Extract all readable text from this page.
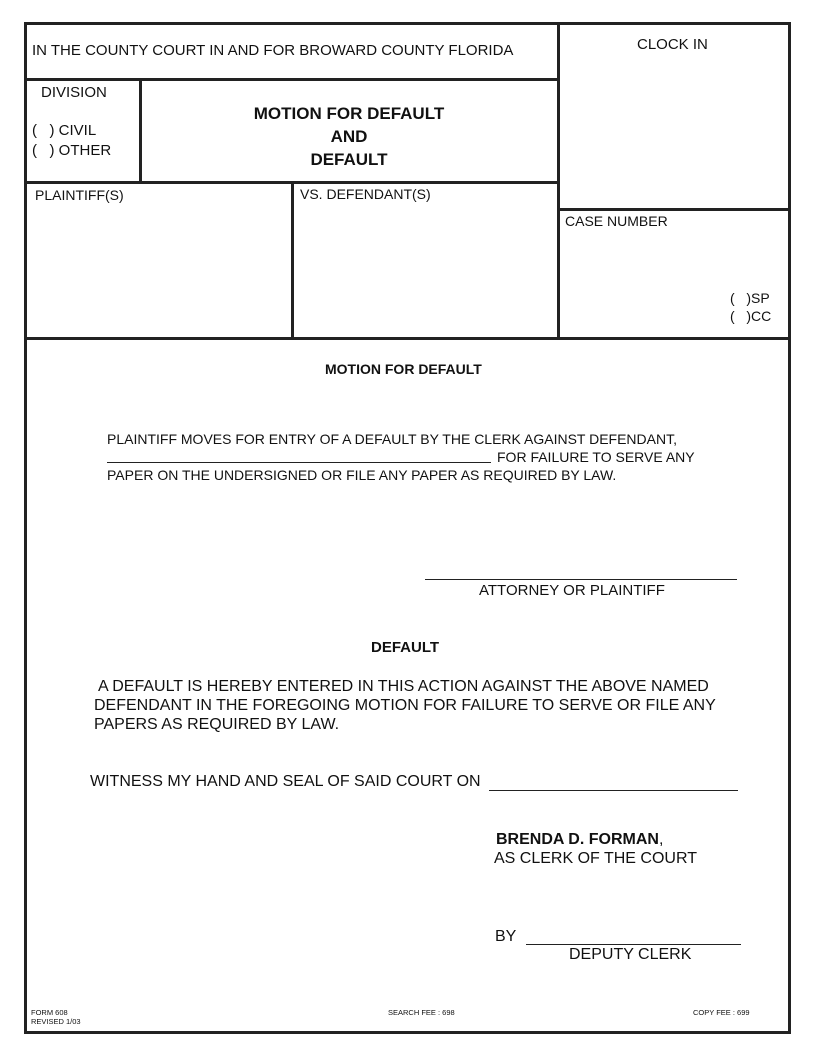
IN THE COUNTY COURT IN AND FOR BROWARD COUNTY FLORIDA	CLOCK IN
DIVISION
(   ) CIVIL
(   ) OTHER
MOTION FOR DEFAULT
AND
DEFAULT
PLAINTIFF(S)	VS. DEFENDANT(S)
CASE NUMBER
(   )SP
(   )CC
MOTION FOR DEFAULT
PLAINTIFF MOVES FOR ENTRY OF A DEFAULT BY THE CLERK AGAINST DEFENDANT,
FOR FAILURE TO SERVE ANY
PAPER ON THE UNDERSIGNED OR FILE ANY PAPER AS REQUIRED BY LAW.
ATTORNEY OR PLAINTIFF
DEFAULT
A DEFAULT IS HEREBY ENTERED IN THIS ACTION AGAINST THE ABOVE NAMED
DEFENDANT IN THE FOREGOING MOTION FOR FAILURE TO SERVE OR FILE ANY
PAPERS AS REQUIRED BY LAW.
WITNESS MY HAND AND SEAL OF SAID COURT ON
BRENDA D. FORMAN,
AS CLERK OF THE COURT
BY
DEPUTY CLERK
FORM 608
REVISED 1/03
SEARCH FEE : 698	COPY FEE : 699
